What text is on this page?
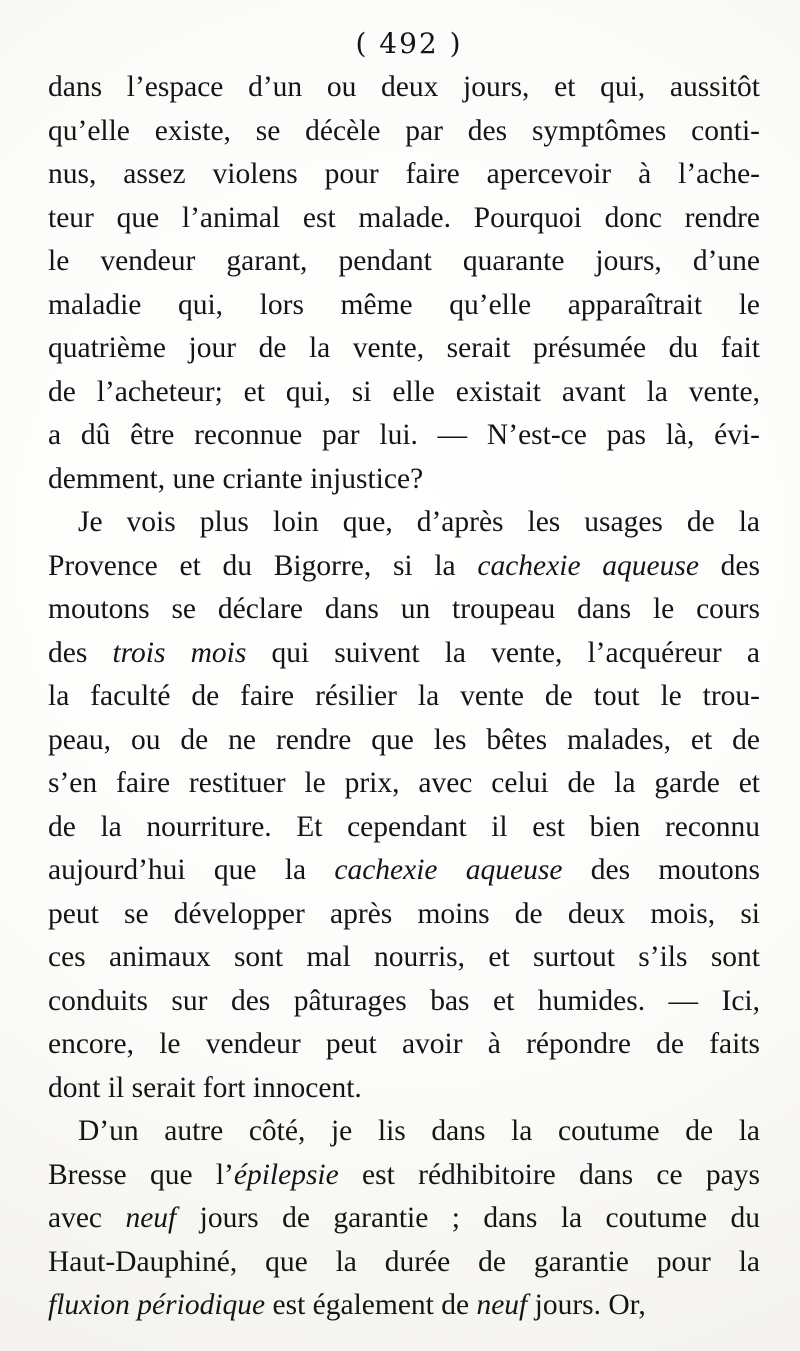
( 492 )
dans l’espace d’un ou deux jours, et qui, aussitôt
qu’elle existe, se décèle par des symptômes conti-
nus, assez violens pour faire apercevoir à l’ache-
teur que l’animal est malade. Pourquoi donc rendre
le vendeur garant, pendant quarante jours, d’une
maladie qui, lors même qu’elle apparaîtrait le
quatrième jour de la vente, serait présumée du fait
de l’acheteur; et qui, si elle existait avant la vente,
a dû être reconnue par lui. — N’est-ce pas là, évi-
demment, une criante injustice?
Je vois plus loin que, d’après les usages de la
Provence et du Bigorre, si la cachexie aqueuse des
moutons se déclare dans un troupeau dans le cours
des trois mois qui suivent la vente, l’acquéreur a
la faculté de faire résilier la vente de tout le trou-
peau, ou de ne rendre que les bêtes malades, et de
s’en faire restituer le prix, avec celui de la garde et
de la nourriture. Et cependant il est bien reconnu
aujourd’hui que la cachexie aqueuse des moutons
peut se développer après moins de deux mois, si
ces animaux sont mal nourris, et surtout s’ils sont
conduits sur des pâturages bas et humides. — Ici,
encore, le vendeur peut avoir à répondre de faits
dont il serait fort innocent.
D’un autre côté, je lis dans la coutume de la
Bresse que l’épilepsie est rédhibitoire dans ce pays
avec neuf jours de garantie ; dans la coutume du
Haut-Dauphiné, que la durée de garantie pour la
fluxion périodique est également de neuf jours. Or,
